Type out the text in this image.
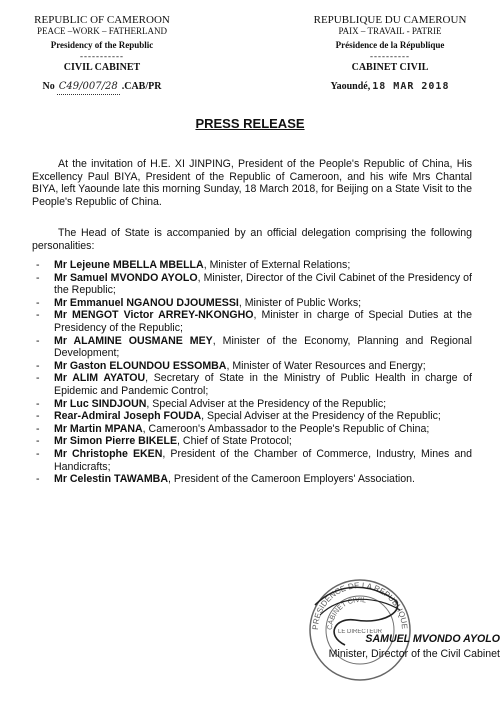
REPUBLIC OF CAMEROON
PEACE –WORK – FATHERLAND
Presidency of the Republic
-----------
CIVIL CABINET
No C49/007/28 .CAB/PR
REPUBLIQUE DU CAMEROUN
PAIX – TRAVAIL - PATRIE
Présidence de la République
----------
CABINET CIVIL
Yaoundé, 18 MAR 2018
PRESS RELEASE
At the invitation of H.E. XI JINPING, President of the People's Republic of China, His Excellency Paul BIYA, President of the Republic of Cameroon, and his wife Mrs Chantal BIYA, left Yaounde late this morning Sunday, 18 March 2018, for Beijing on a State Visit to the People's Republic of China.
The Head of State is accompanied by an official delegation comprising the following personalities:
- Mr Lejeune MBELLA MBELLA, Minister of External Relations;
- Mr Samuel MVONDO AYOLO, Minister, Director of the Civil Cabinet of the Presidency of the Republic;
- Mr Emmanuel NGANOU DJOUMESSI, Minister of Public Works;
- Mr MENGOT Victor ARREY-NKONGHO, Minister in charge of Special Duties at the Presidency of the Republic;
- Mr ALAMINE OUSMANE MEY, Minister of the Economy, Planning and Regional Development;
- Mr Gaston ELOUNDOU ESSOMBA, Minister of Water Resources and Energy;
- Mr ALIM AYATOU, Secretary of State in the Ministry of Public Health in charge of Epidemic and Pandemic Control;
- Mr Luc SINDJOUN, Special Adviser at the Presidency of the Republic;
- Rear-Admiral Joseph FOUDA, Special Adviser at the Presidency of the Republic;
- Mr Martin MPANA, Cameroon's Ambassador to the People's Republic of China;
- Mr Simon Pierre BIKELE, Chief of State Protocol;
- Mr Christophe EKEN, President of the Chamber of Commerce, Industry, Mines and Handicrafts;
- Mr Celestin TAWAMBA, President of the Cameroon Employers' Association.
PRESIDENCE DE LA REPUBLIQUE
CABINET CIVIL
LE DIRECTEUR
SAMUEL MVONDO AYOLO
Minister, Director of the Civil Cabinet
